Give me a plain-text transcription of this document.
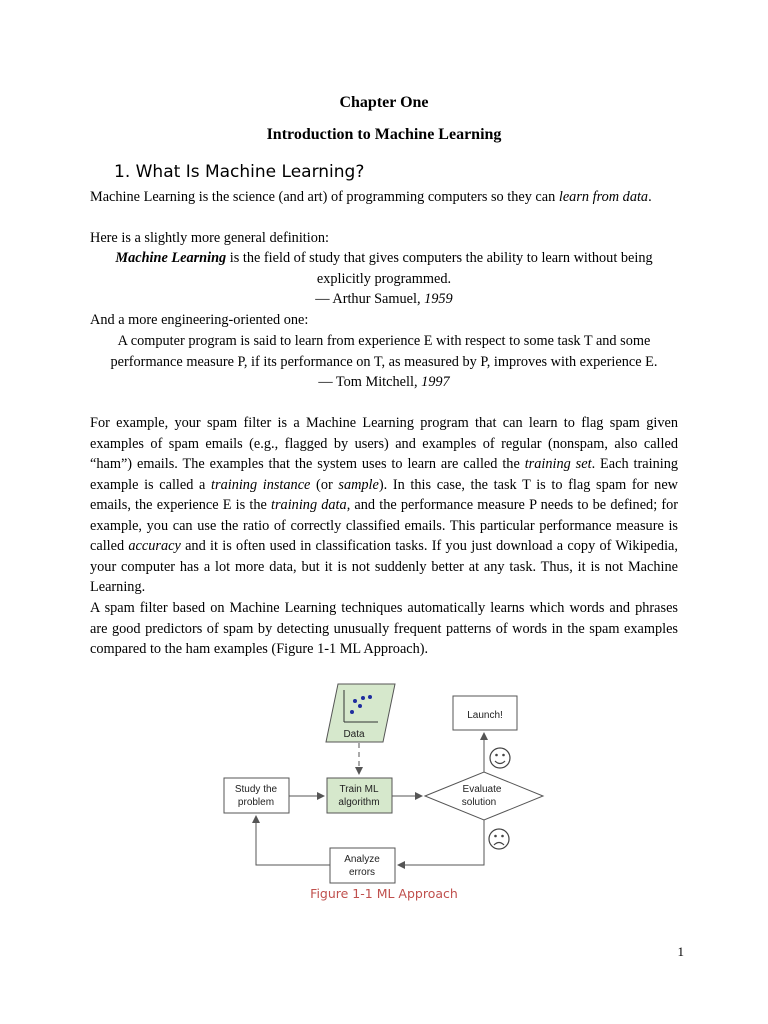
Chapter One
Introduction to Machine Learning
1. What Is Machine Learning?
Machine Learning is the science (and art) of programming computers so they can learn from data.
Here is a slightly more general definition:
Machine Learning is the field of study that gives computers the ability to learn without being
explicitly programmed.
— Arthur Samuel, 1959
And a more engineering-oriented one:
A computer program is said to learn from experience E with respect to some task T and some
performance measure P, if its performance on T, as measured by P, improves with experience E.
— Tom Mitchell, 1997
For example, your spam filter is a Machine Learning program that can learn to flag spam given examples of spam emails (e.g., flagged by users) and examples of regular (nonspam, also called “ham”) emails. The examples that the system uses to learn are called the training set. Each training example is called a training instance (or sample). In this case, the task T is to flag spam for new emails, the experience E is the training data, and the performance measure P needs to be defined; for example, you can use the ratio of correctly classified emails. This particular performance measure is called accuracy and it is often used in classification tasks. If you just download a copy of Wikipedia, your computer has a lot more data, but it is not suddenly better at any task. Thus, it is not Machine Learning.
A spam filter based on Machine Learning techniques automatically learns which words and phrases are good predictors of spam by detecting unusually frequent patterns of words in the spam examples compared to the ham examples (Figure 1-1 ML Approach).
Data
Train ML
algorithm
Study the
problem
Evaluate
solution
Launch!
Analyze
errors
Figure 1-1 ML Approach
1
